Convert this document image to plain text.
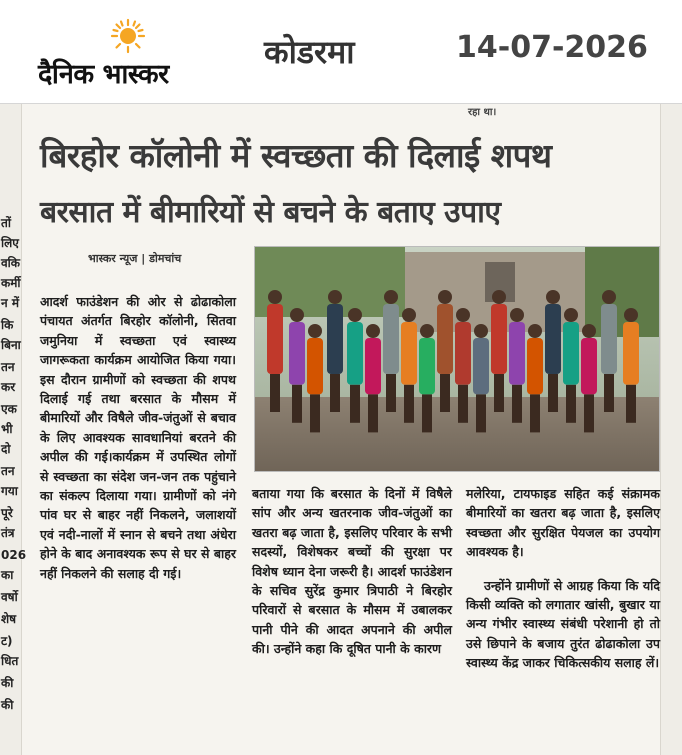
दैनिक भास्कर
कोडरमा	14-07-2026
तों
लिए
वकि
कर्मी
न में
कि
बिना
तन
कर
एक
भी
दो
तन
गया
पूरे
तंत्र
026
का
वर्षो
शेष
ट)
धित
की
की
रहा था।
बिरहोर कॉलोनी में स्वच्छता की दिलाई शपथ
बरसात में बीमारियों से बचने के बताए उपाए
भास्कर न्यूज | डोमचांच

आदर्श फाउंडेशन की ओर से ढोढाकोला पंचायत अंतर्गत बिरहोर कॉलोनी, सितवा जमुनिया में स्वच्छता एवं स्वास्थ्य जागरूकता कार्यक्रम आयोजित किया गया। इस दौरान ग्रामीणों को स्वच्छता की शपथ दिलाई गई तथा बरसात के मौसम में बीमारियों और विषैले जीव-जंतुओं से बचाव के लिए आवश्यक सावधानियां बरतने की अपील की गई।कार्यक्रम में उपस्थित लोगों से स्वच्छता का संदेश जन-जन तक पहुंचाने का संकल्प दिलाया गया। ग्रामीणों को नंगे पांव घर से बाहर नहीं निकलने, जलाशयों एवं नदी-नालों में स्नान से बचने तथा अंधेरा होने के बाद अनावश्यक रूप से घर से बाहर नहीं निकलने की सलाह दी गई।

बताया गया कि बरसात के दिनों में विषैले सांप और अन्य खतरनाक जीव-जंतुओं का खतरा बढ़ जाता है, इसलिए परिवार के सभी सदस्यों, विशेषकर बच्चों की सुरक्षा पर विशेष ध्यान देना जरूरी है। आदर्श फाउंडेशन के सचिव सुरेंद्र कुमार त्रिपाठी ने बिरहोर परिवारों से बरसात के मौसम में उबालकर पानी पीने की आदत अपनाने की अपील की। उन्होंने कहा कि दूषित पानी के कारण

मलेरिया, टायफाइड सहित कई संक्रामक बीमारियों का खतरा बढ़ जाता है, इसलिए स्वच्छता और सुरक्षित पेयजल का उपयोग आवश्यक है।

उन्होंने ग्रामीणों से आग्रह किया कि यदि किसी व्यक्ति को लगातार खांसी, बुखार या अन्य गंभीर स्वास्थ्य संबंधी परेशानी हो तो उसे छिपाने के बजाय तुरंत ढोढाकोला उप स्वास्थ्य केंद्र जाकर चिकित्सकीय सलाह लें।
